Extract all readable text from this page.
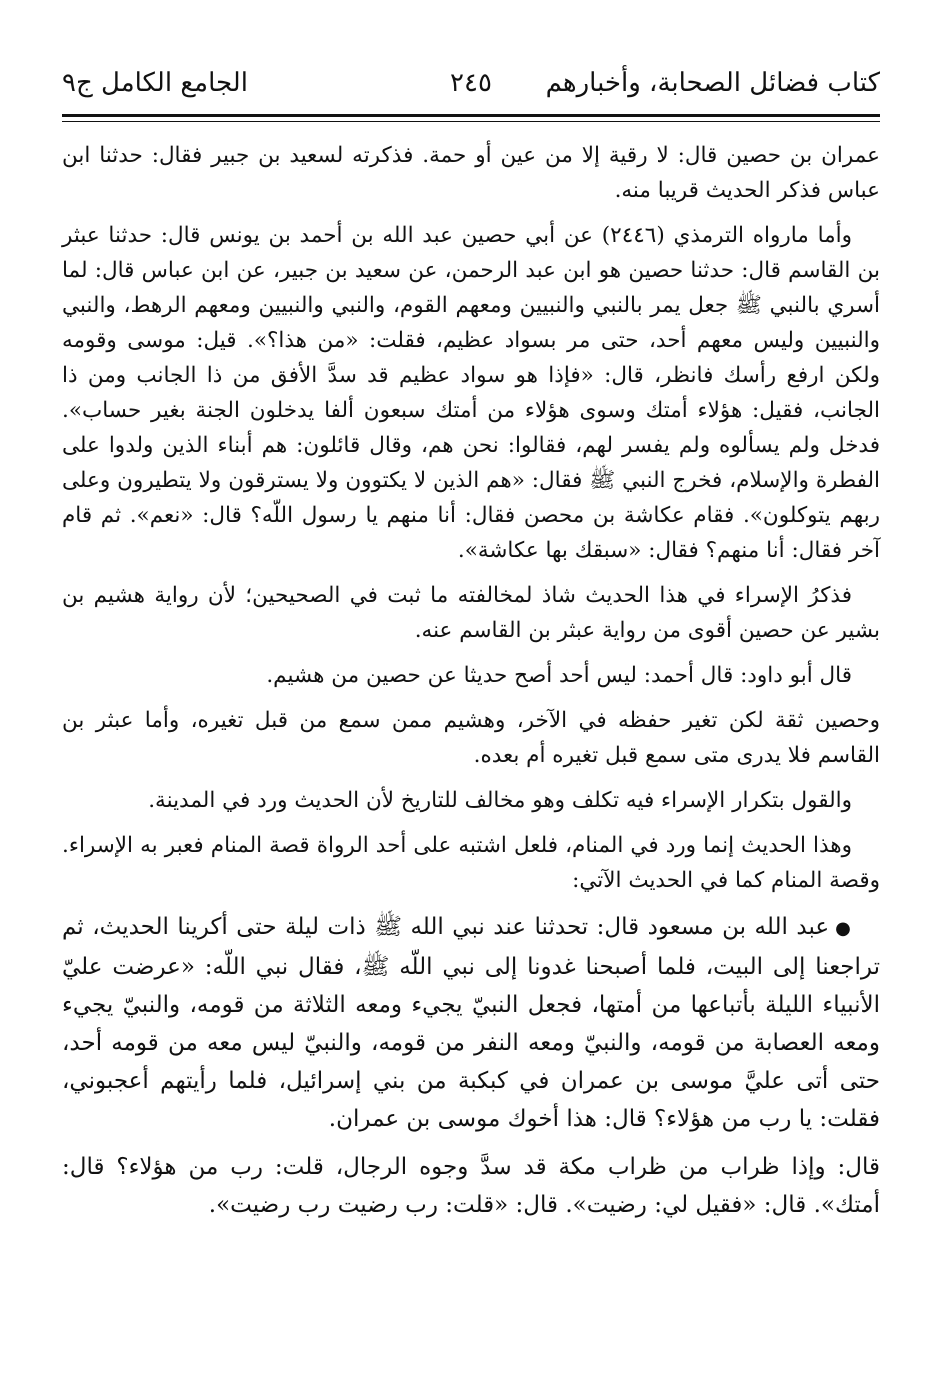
كتاب فضائل الصحابة، وأخبارهم
٢٤٥
الجامع الكامل ج٩

عمران بن حصين قال: لا رقية إلا من عين أو حمة. فذكرته لسعيد بن جبير فقال: حدثنا ابن عباس فذكر الحديث قريبا منه.

وأما مارواه الترمذي (٢٤٤٦) عن أبي حصين عبد الله بن أحمد بن يونس قال: حدثنا عبثر بن القاسم قال: حدثنا حصين هو ابن عبد الرحمن، عن سعيد بن جبير، عن ابن عباس قال: لما أسري بالنبي ﷺ جعل يمر بالنبي والنبيين ومعهم القوم، والنبي والنبيين ومعهم الرهط، والنبي والنبيين وليس معهم أحد، حتى مر بسواد عظيم، فقلت: «من هذا؟». قيل: موسى وقومه ولكن ارفع رأسك فانظر، قال: «فإذا هو سواد عظيم قد سدَّ الأفق من ذا الجانب ومن ذا الجانب، فقيل: هؤلاء أمتك وسوى هؤلاء من أمتك سبعون ألفا يدخلون الجنة بغير حساب». فدخل ولم يسألوه ولم يفسر لهم، فقالوا: نحن هم، وقال قائلون: هم أبناء الذين ولدوا على الفطرة والإسلام، فخرج النبي ﷺ فقال: «هم الذين لا يكتوون ولا يسترقون ولا يتطيرون وعلى ربهم يتوكلون». فقام عكاشة بن محصن فقال: أنا منهم يا رسول اللّه؟ قال: «نعم». ثم قام آخر فقال: أنا منهم؟ فقال: «سبقك بها عكاشة».

فذكرُ الإسراء في هذا الحديث شاذ لمخالفته ما ثبت في الصحيحين؛ لأن رواية هشيم بن بشير عن حصين أقوى من رواية عبثر بن القاسم عنه.

قال أبو داود: قال أحمد: ليس أحد أصح حديثا عن حصين من هشيم.

وحصين ثقة لكن تغير حفظه في الآخر، وهشيم ممن سمع من قبل تغيره، وأما عبثر بن القاسم فلا يدرى متى سمع قبل تغيره أم بعده.

والقول بتكرار الإسراء فيه تكلف وهو مخالف للتاريخ لأن الحديث ورد في المدينة.

وهذا الحديث إنما ورد في المنام، فلعل اشتبه على أحد الرواة قصة المنام فعبر به الإسراء. وقصة المنام كما في الحديث الآتي:

●عبد الله بن مسعود قال: تحدثنا عند نبي الله ﷺ ذات ليلة حتى أكرينا الحديث، ثم تراجعنا إلى البيت، فلما أصبحنا غدونا إلى نبي اللّه ﷺ، فقال نبي اللّه: «عرضت عليّ الأنبياء الليلة بأتباعها من أمتها، فجعل النبيّ يجيء ومعه الثلاثة من قومه، والنبيّ يجيء ومعه العصابة من قومه، والنبيّ ومعه النفر من قومه، والنبيّ ليس معه من قومه أحد، حتى أتى عليَّ موسى بن عمران في كبكبة من بني إسرائيل، فلما رأيتهم أعجبوني، فقلت: يا رب من هؤلاء؟ قال: هذا أخوك موسى بن عمران.

قال: وإذا ظراب من ظراب مكة قد سدَّ وجوه الرجال، قلت: رب من هؤلاء؟ قال: أمتك». قال: «فقيل لي: رضيت». قال: «قلت: رب رضيت رب رضيت».
